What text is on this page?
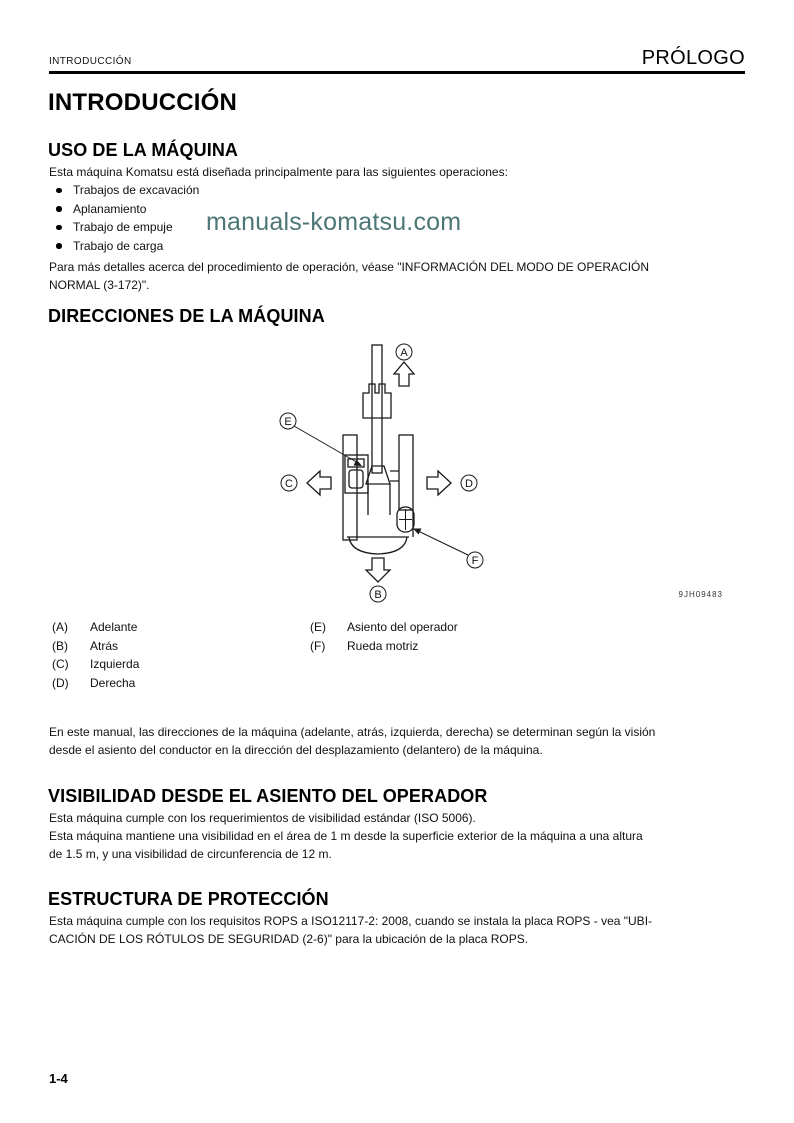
INTRODUCCIÓN	PRÓLOGO
INTRODUCCIÓN
USO DE LA MÁQUINA
Esta máquina Komatsu está diseñada principalmente para las siguientes operaciones:
Trabajos de excavación
Aplanamiento
Trabajo de empuje
Trabajo de carga
manuals-komatsu.com
Para más detalles acerca del procedimiento de operación, véase "INFORMACIÓN DEL MODO DE OPERACIÓN
NORMAL (3-172)".
DIRECCIONES DE LA MÁQUINA
A
B
C	D
E
F
9JH09483
(A)	Adelante
(B)	Atrás
(C)	Izquierda
(D)	Derecha
(E)	Asiento del operador
(F)	Rueda motriz
En este manual, las direcciones de la máquina (adelante, atrás, izquierda, derecha) se determinan según la visión
desde el asiento del conductor en la dirección del desplazamiento (delantero) de la máquina.
VISIBILIDAD DESDE EL ASIENTO DEL OPERADOR
Esta máquina cumple con los requerimientos de visibilidad estándar (ISO 5006).
Esta máquina mantiene una visibilidad en el área de 1 m desde la superficie exterior de la máquina a una altura
de 1.5 m, y una visibilidad de circunferencia de 12 m.
ESTRUCTURA DE PROTECCIÓN
Esta máquina cumple con los requisitos ROPS a ISO12117-2: 2008, cuando se instala la placa ROPS - vea "UBI-
CACIÓN DE LOS RÓTULOS DE SEGURIDAD (2-6)" para la ubicación de la placa ROPS.
1-4
